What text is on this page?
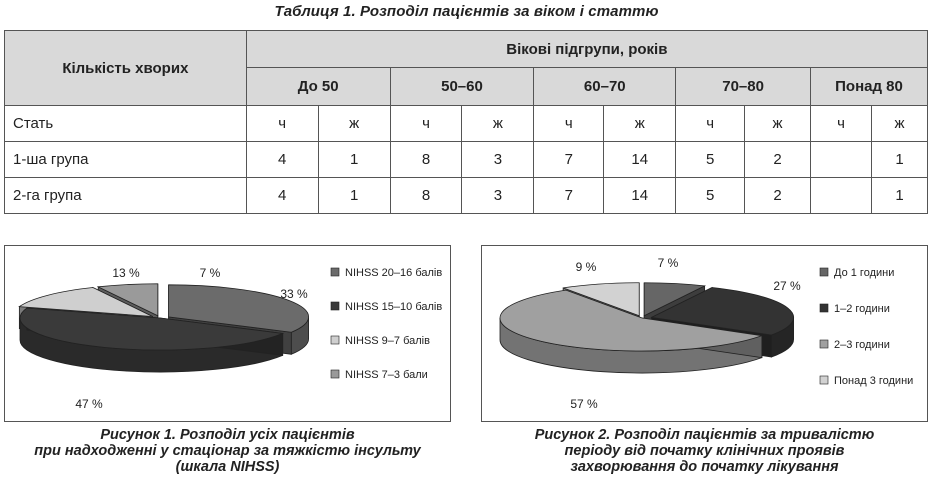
Таблиця 1. Розподіл пацієнтів за віком і статтю
Кількість хворих	Вікові підгрупи, років									
	До 50		50–60		60–70		70–80		Понад 80	
Стать	ч	ж	ч	ж	ч	ж	ч	ж	ч	ж
1-ша група	4	1	8	3	7	14	5	2		1
2-га група	4	1	8	3	7	14	5	2		1
33 %
47 %
13 %	7 %	NIHSS 20–16 балів
NIHSS 15–10 балів
NIHSS 9–7 балів
NIHSS 7–3 бали
7 %
27 %
57 %
9 %	До 1 години
1–2 години
2–3 години
Понад 3 години
Рисунок 1. Розподіл усіх пацієнтів
при надходженні у стаціонар за тяжкістю інсульту
(шкала NIHSS)
Рисунок 2. Розподіл пацієнтів за тривалістю
періоду від початку клінічних проявів
захворювання до початку лікування
